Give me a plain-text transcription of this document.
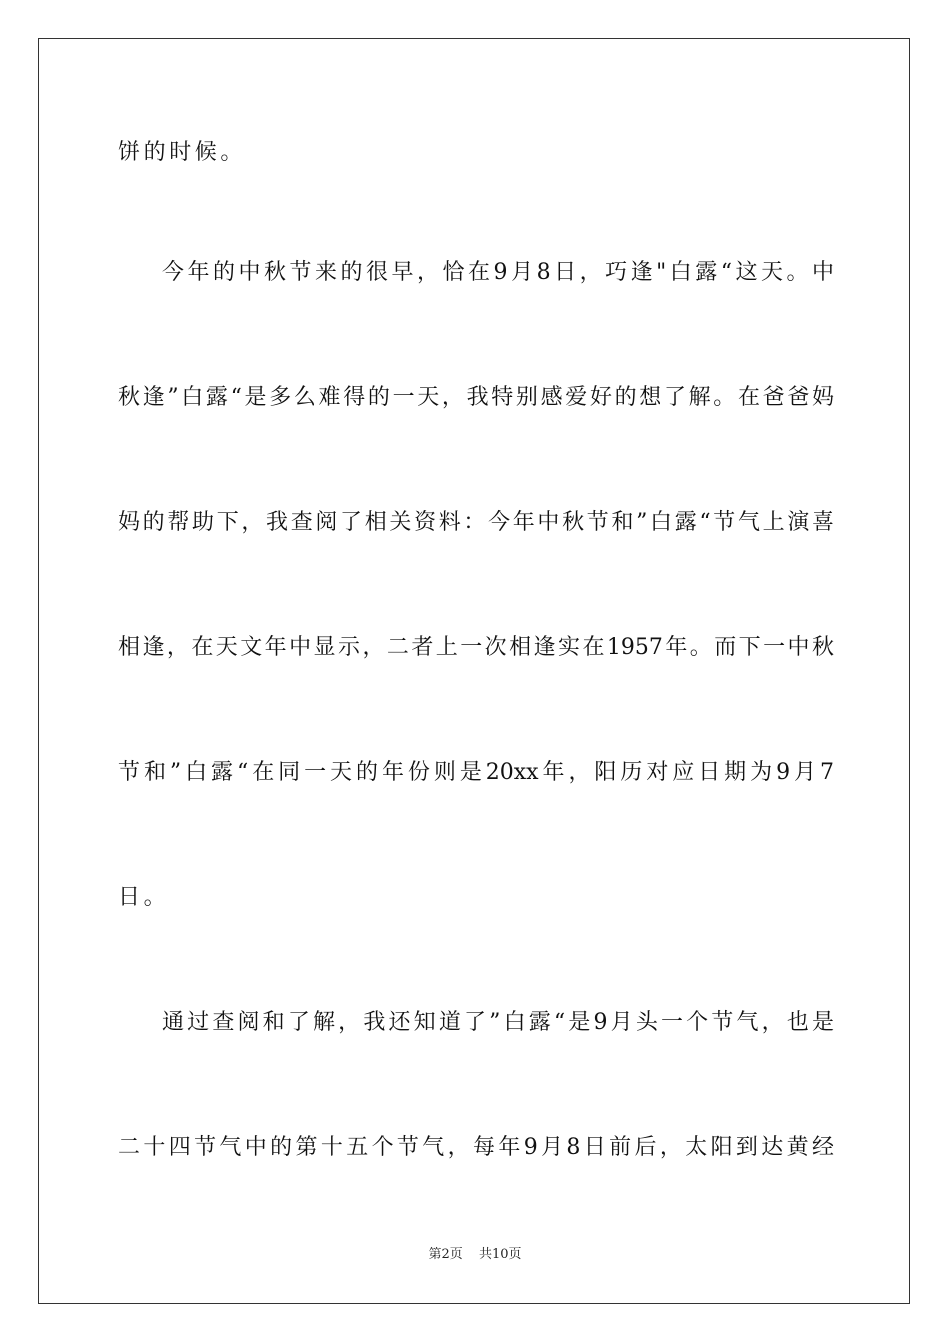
饼的时候。
今年的中秋节来的很早，恰在9月8日，巧逢"白露“这天。中
秋逢”白露“是多么难得的一天，我特别感爱好的想了解。在爸爸妈
妈的帮助下，我查阅了相关资料：今年中秋节和”白露“节气上演喜
相逢，在天文年中显示，二者上一次相逢实在1957年。而下一中秋
节和”白露“在同一天的年份则是20xx年，阳历对应日期为9月7
日。
通过查阅和了解，我还知道了”白露“是9月头一个节气，也是
二十四节气中的第十五个节气，每年9月8日前后，太阳到达黄经
第2页 共10页
